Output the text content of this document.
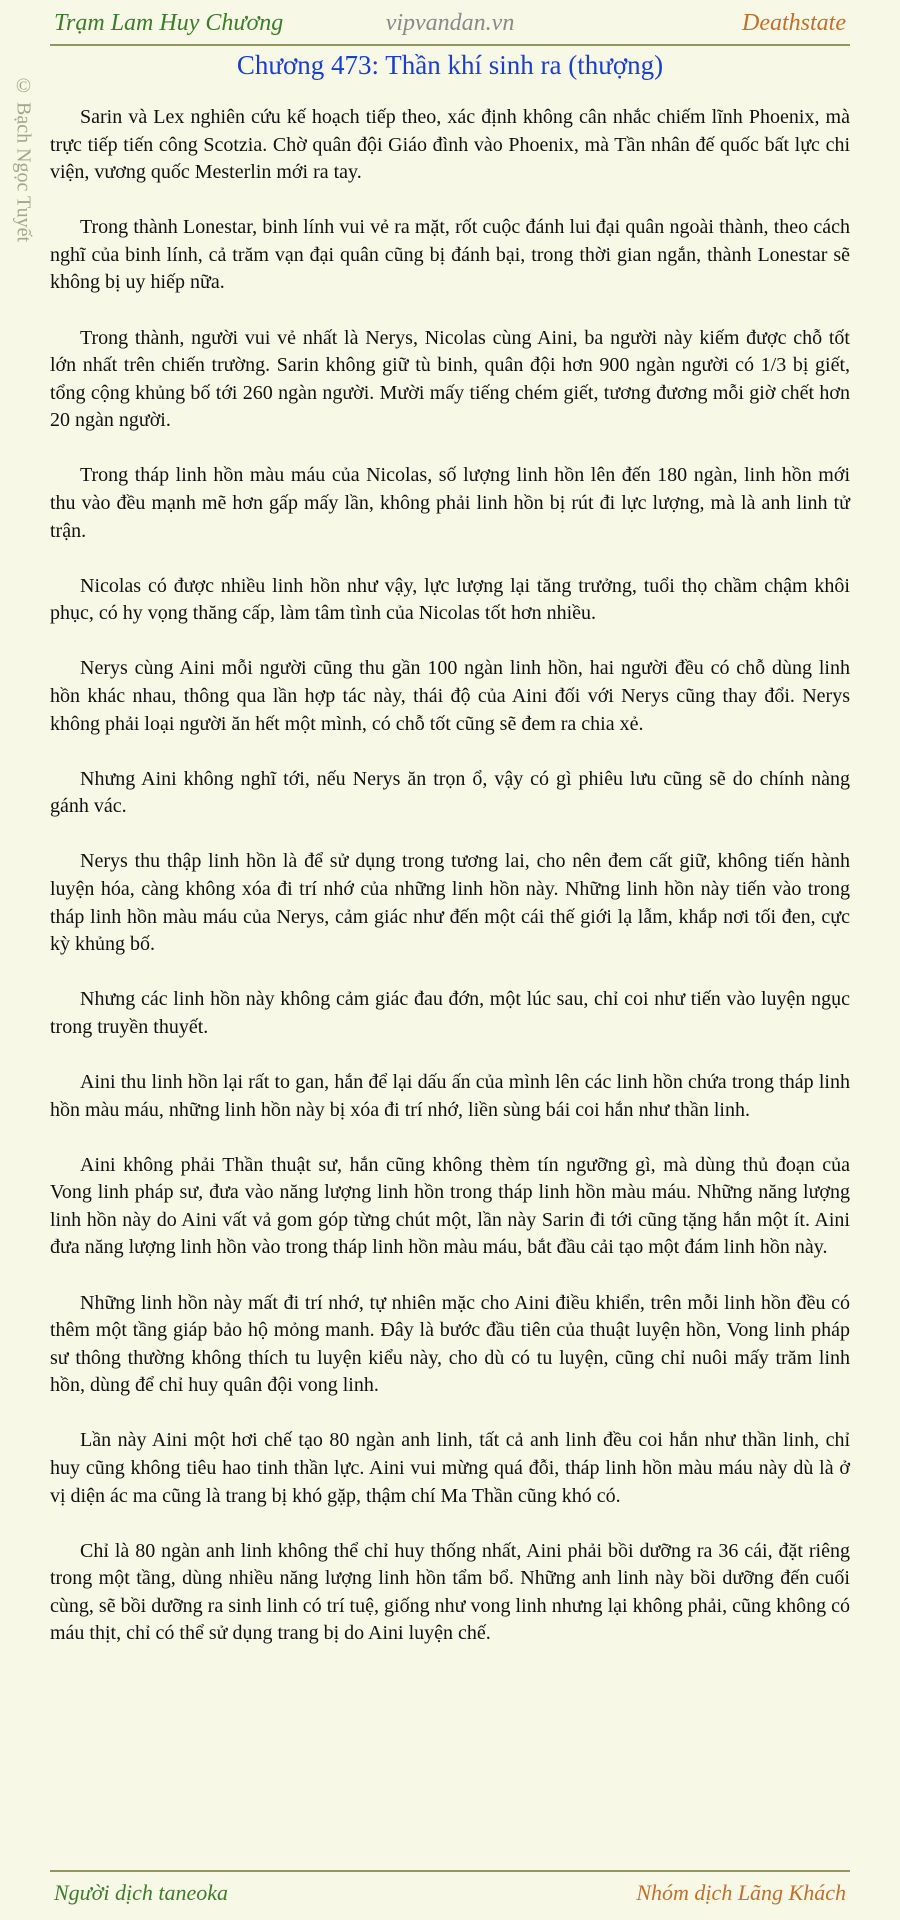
© Bạch Ngọc Tuyết
Trạm Lam Huy Chương	vipvandan.vn	Deathstate
Chương 473: Thần khí sinh ra (thượng)

Sarin và Lex nghiên cứu kế hoạch tiếp theo, xác định không cân nhắc chiếm lĩnh Phoenix, mà trực tiếp tiến công Scotzia. Chờ quân đội Giáo đình vào Phoenix, mà Tần nhân đế quốc bất lực chi viện, vương quốc Mesterlin mới ra tay.

Trong thành Lonestar, binh lính vui vẻ ra mặt, rốt cuộc đánh lui đại quân ngoài thành, theo cách nghĩ của binh lính, cả trăm vạn đại quân cũng bị đánh bại, trong thời gian ngắn, thành Lonestar sẽ không bị uy hiếp nữa.

Trong thành, người vui vẻ nhất là Nerys, Nicolas cùng Aini, ba người này kiếm được chỗ tốt lớn nhất trên chiến trường. Sarin không giữ tù binh, quân đội hơn 900 ngàn người có 1/3 bị giết, tổng cộng khủng bố tới 260 ngàn người. Mười mấy tiếng chém giết, tương đương mỗi giờ chết hơn 20 ngàn người.

Trong tháp linh hồn màu máu của Nicolas, số lượng linh hồn lên đến 180 ngàn, linh hồn mới thu vào đều mạnh mẽ hơn gấp mấy lần, không phải linh hồn bị rút đi lực lượng, mà là anh linh tử trận.

Nicolas có được nhiều linh hồn như vậy, lực lượng lại tăng trưởng, tuổi thọ chầm chậm khôi phục, có hy vọng thăng cấp, làm tâm tình của Nicolas tốt hơn nhiều.

Nerys cùng Aini mỗi người cũng thu gần 100 ngàn linh hồn, hai người đều có chỗ dùng linh hồn khác nhau, thông qua lần hợp tác này, thái độ của Aini đối với Nerys cũng thay đổi. Nerys không phải loại người ăn hết một mình, có chỗ tốt cũng sẽ đem ra chia xẻ.

Nhưng Aini không nghĩ tới, nếu Nerys ăn trọn ổ, vậy có gì phiêu lưu cũng sẽ do chính nàng gánh vác.

Nerys thu thập linh hồn là để sử dụng trong tương lai, cho nên đem cất giữ, không tiến hành luyện hóa, càng không xóa đi trí nhớ của những linh hồn này. Những linh hồn này tiến vào trong tháp linh hồn màu máu của Nerys, cảm giác như đến một cái thế giới lạ lẫm, khắp nơi tối đen, cực kỳ khủng bố.

Nhưng các linh hồn này không cảm giác đau đớn, một lúc sau, chỉ coi như tiến vào luyện ngục trong truyền thuyết.

Aini thu linh hồn lại rất to gan, hắn để lại dấu ấn của mình lên các linh hồn chứa trong tháp linh hồn màu máu, những linh hồn này bị xóa đi trí nhớ, liền sùng bái coi hắn như thần linh.

Aini không phải Thần thuật sư, hắn cũng không thèm tín ngưỡng gì, mà dùng thủ đoạn của Vong linh pháp sư, đưa vào năng lượng linh hồn trong tháp linh hồn màu máu. Những năng lượng linh hồn này do Aini vất vả gom góp từng chút một, lần này Sarin đi tới cũng tặng hắn một ít. Aini đưa năng lượng linh hồn vào trong tháp linh hồn màu máu, bắt đầu cải tạo một đám linh hồn này.

Những linh hồn này mất đi trí nhớ, tự nhiên mặc cho Aini điều khiển, trên mỗi linh hồn đều có thêm một tầng giáp bảo hộ mỏng manh. Đây là bước đầu tiên của thuật luyện hồn, Vong linh pháp sư thông thường không thích tu luyện kiểu này, cho dù có tu luyện, cũng chỉ nuôi mấy trăm linh hồn, dùng để chỉ huy quân đội vong linh.

Lần này Aini một hơi chế tạo 80 ngàn anh linh, tất cả anh linh đều coi hắn như thần linh, chỉ huy cũng không tiêu hao tinh thần lực. Aini vui mừng quá đỗi, tháp linh hồn màu máu này dù là ở vị diện ác ma cũng là trang bị khó gặp, thậm chí Ma Thần cũng khó có.

Chỉ là 80 ngàn anh linh không thể chỉ huy thống nhất, Aini phải bồi dưỡng ra 36 cái, đặt riêng trong một tầng, dùng nhiều năng lượng linh hồn tẩm bổ. Những anh linh này bồi dưỡng đến cuối cùng, sẽ bồi dưỡng ra sinh linh có trí tuệ, giống như vong linh nhưng lại không phải, cũng không có máu thịt, chỉ có thể sử dụng trang bị do Aini luyện chế.

Người dịch taneoka	Nhóm dịch Lãng Khách
